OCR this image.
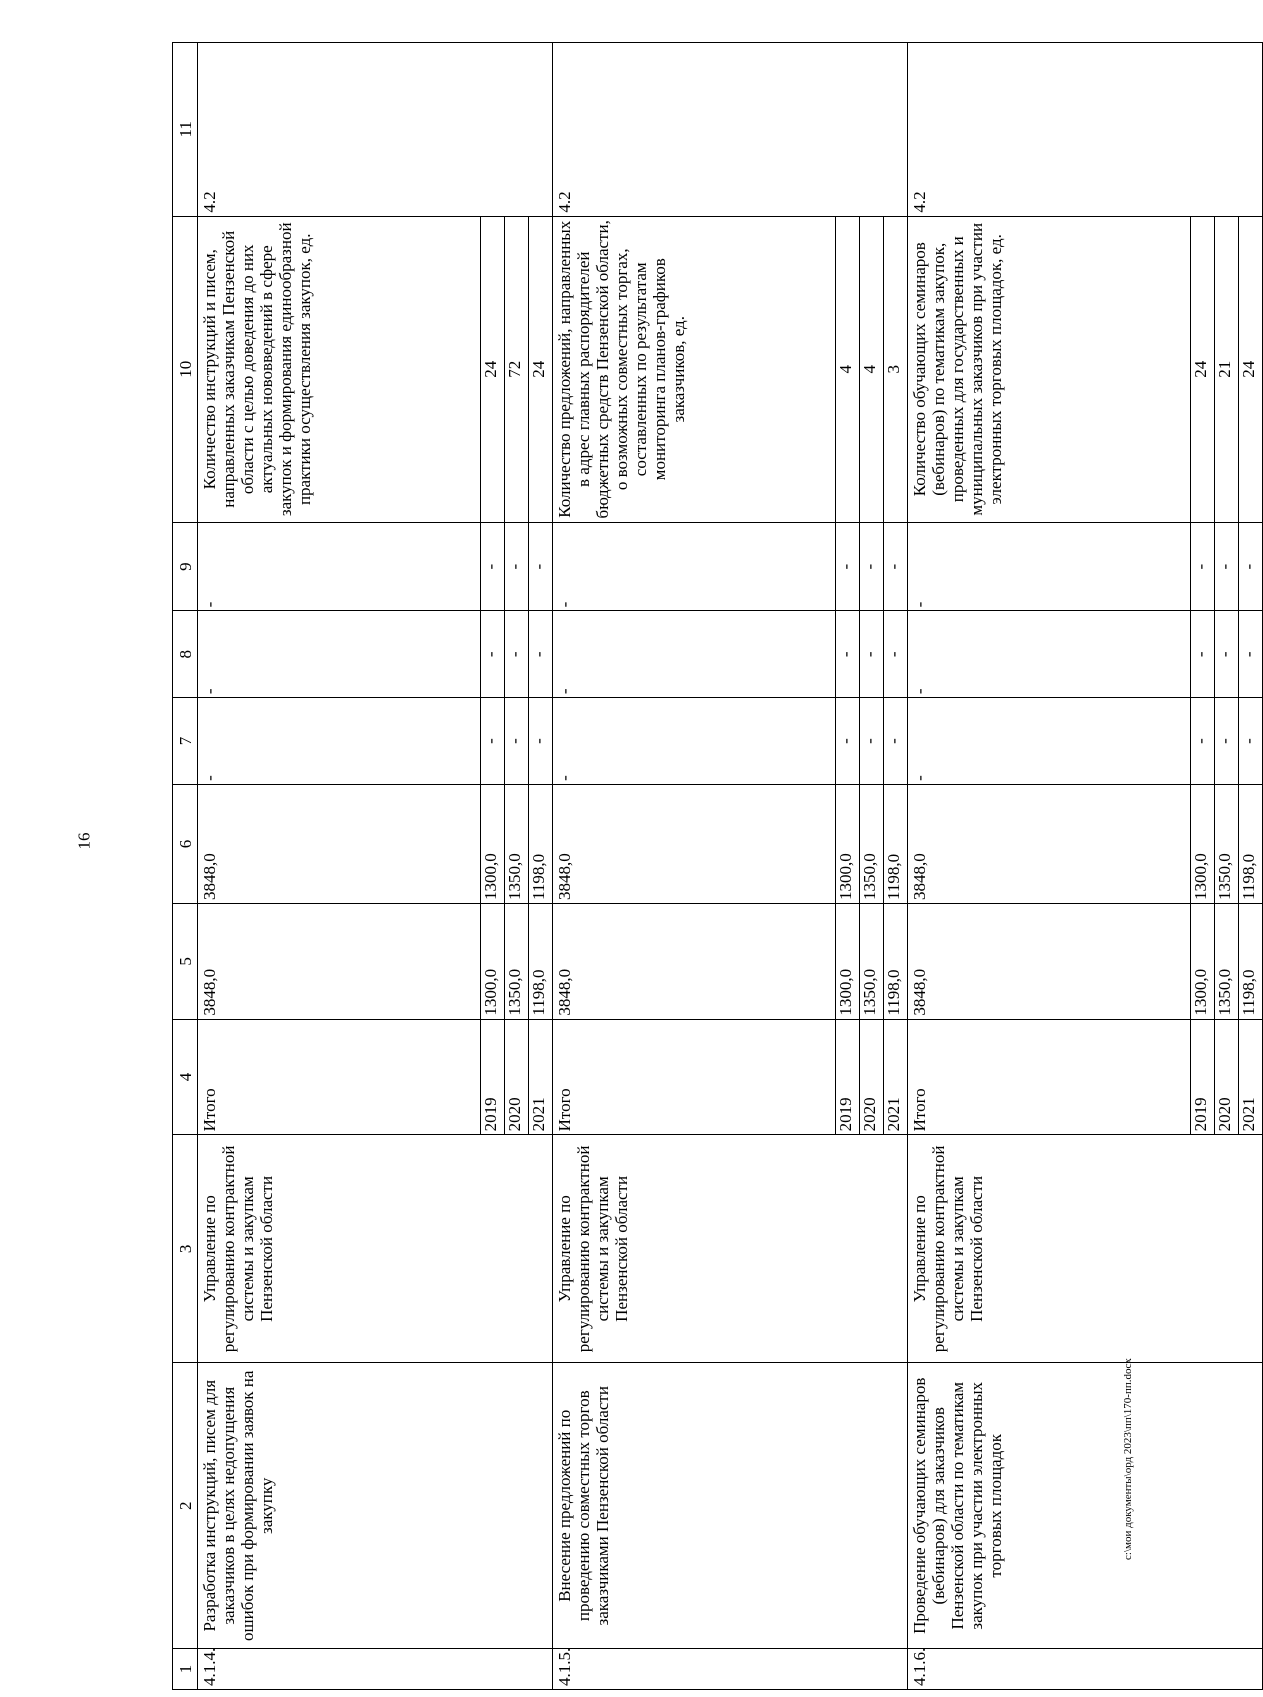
16
1	2	3	4	5	6	7	8	9	10	11
4.1.4.	Разработка инструкций, писем для заказчиков в целях недопущения ошибок при формировании заявок на закупку	Управление по регулированию контрактной системы и закупкам Пензенской области	Итого	3848,0	3848,0	-	-	-	Количество инструкций и писем, направленных заказчикам Пензенской области с целью доведения до них актуальных нововведений в сфере закупок и формирования единообразной практики осуществления закупок, ед.	4.2
			2019	1300,0	1300,0	-	-	-	24	
			2020	1350,0	1350,0	-	-	-	72	
			2021	1198,0	1198,0	-	-	-	24	
4.1.5.	Внесение предложений по проведению совместных торгов заказчиками Пензенской области	Управление по регулированию контрактной системы и закупкам Пензенской области	Итого	3848,0	3848,0	-	-	-	Количество предложений, направленных в адрес главных распорядителей бюджетных средств Пензенской области, о возможных совместных торгах, составленных по результатам мониторинга планов-графиков заказчиков, ед.	4.2
			2019	1300,0	1300,0	-	-	-	4	
			2020	1350,0	1350,0	-	-	-	4	
			2021	1198,0	1198,0	-	-	-	3	
4.1.6.	Проведение обучающих семинаров (вебинаров) для заказчиков Пензенской области по тематикам закупок при участии электронных торговых площадок	Управление по регулированию контрактной системы и закупкам Пензенской области	Итого	3848,0	3848,0	-	-	-	Количество обучающих семинаров (вебинаров) по тематикам закупок, проведенных для государственных и муниципальных заказчиков при участии электронных торговых площадок, ед.	4.2
			2019	1300,0	1300,0	-	-	-	24	
			2020	1350,0	1350,0	-	-	-	21	
			2021	1198,0	1198,0	-	-	-	24	
c:\мои документы\орд 2023\пп\170-пп.docx
